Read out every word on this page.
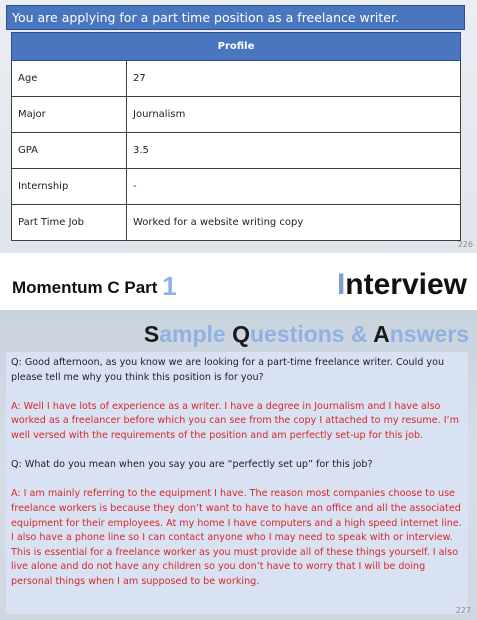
You are applying for a part time position as a freelance writer.
Profile	
Age	27
Major	Journalism
GPA	3.5
Internship	-
Part Time Job	Worked for a website writing copy
226
Momentum C Part 1	Interview
Sample Questions & Answers

Q: Good afternoon, as you know we are looking for a part-time freelance writer. Could you please tell me why you think this position is for you?

A: Well I have lots of experience as a writer. I have a degree in Journalism and I have also worked as a freelancer before which you can see from the copy I attached to my resume. I’m well versed with the requirements of the position and am perfectly set-up for this job.

Q: What do you mean when you say you are “perfectly set up” for this job?

A: I am mainly referring to the equipment I have. The reason most companies choose to use freelance workers is because they don’t want to have to have an office and all the associated equipment for their employees. At my home I have computers and a high speed internet line. I also have a phone line so I can contact anyone who I may need to speak with or interview. This is essential for a freelance worker as you must provide all of these things yourself. I also live alone and do not have any children so you don’t have to worry that I will be doing personal things when I am supposed to be working.

227
